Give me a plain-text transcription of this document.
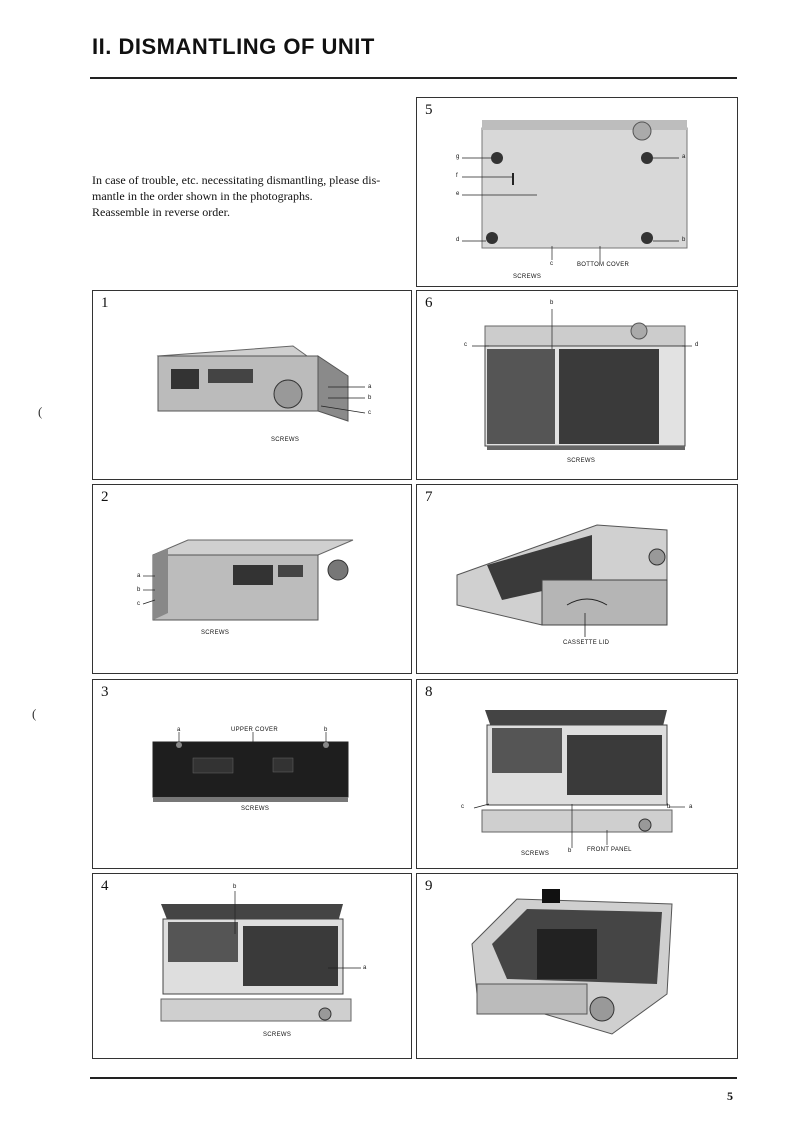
II. DISMANTLING OF UNIT

In case of trouble, etc. necessitating dismantling, please dis-
mantle in the order shown in the photographs.
Reassemble in reverse order.

(
(
5
g
f
e
d
a
b
c	BOTTOM COVER
SCREWS
1
a
b
c
SCREWS
6	b
c	d
SCREWS
2
a
b
c
SCREWS
7
CASSETTE LID
3
a	b
UPPER COVER
SCREWS
8
c
b
a
b
FRONT PANEL
SCREWS
4	b
a
SCREWS
9
5
